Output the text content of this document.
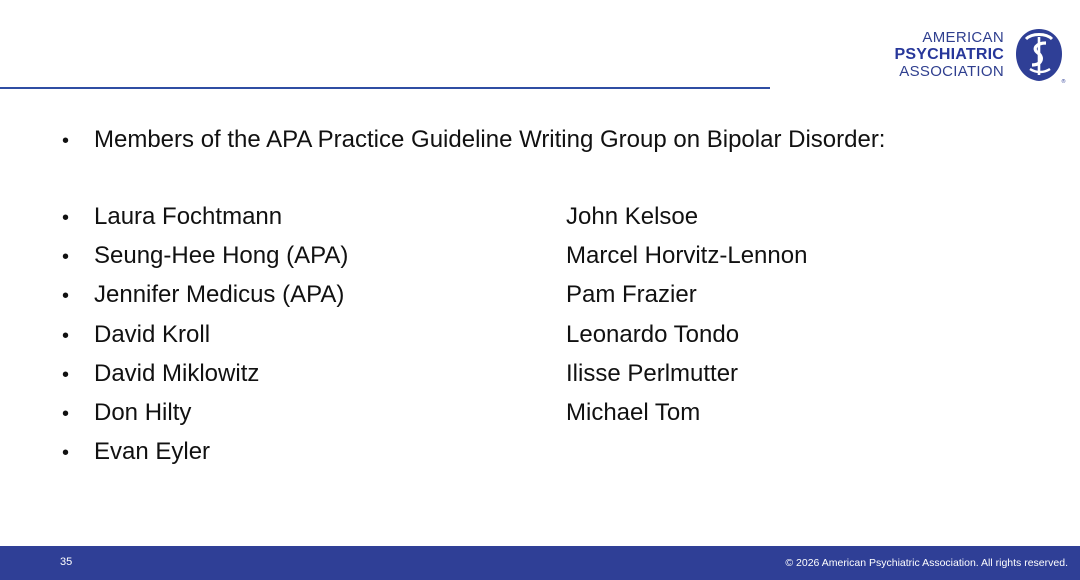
AMERICAN
PSYCHIATRIC
ASSOCIATION
®
•	Members of the APA Practice Guideline Writing Group on Bipolar Disorder:
•	Laura Fochtmann
•	Seung-Hee Hong (APA)
•	Jennifer Medicus (APA)
•	David Kroll
•	David Miklowitz
•	Don Hilty
•	Evan Eyler
John Kelsoe
Marcel Horvitz-Lennon
Pam Frazier
Leonardo Tondo
Ilisse Perlmutter
Michael Tom
35	© 2026 American Psychiatric Association. All rights reserved.
